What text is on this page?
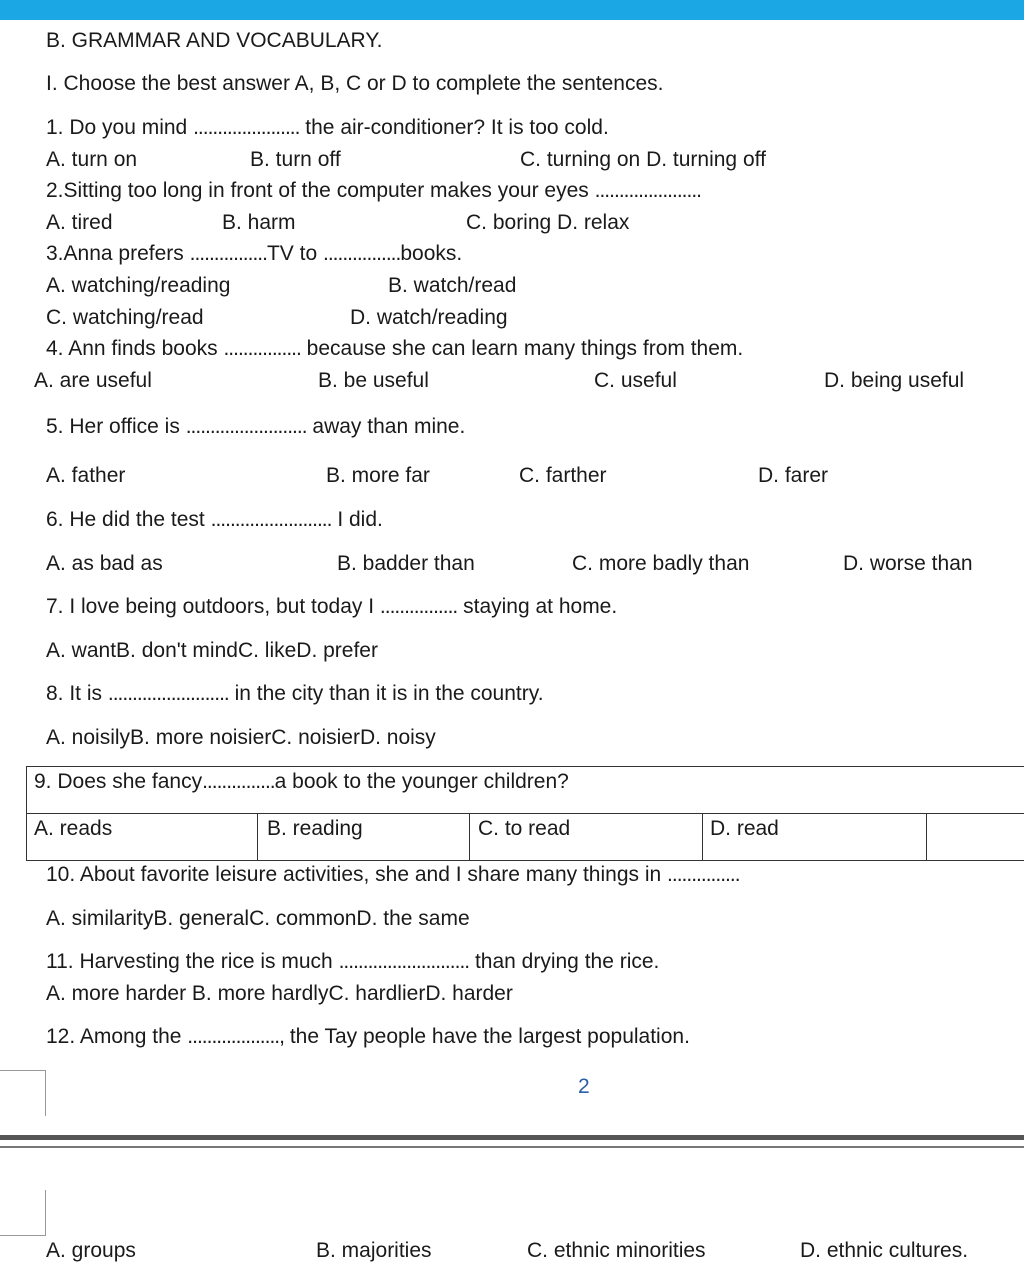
B. GRAMMAR AND VOCABULARY.
I. Choose the best answer A, B, C or D to complete the sentences.
1. Do you mind ...................... the air-conditioner? It is too cold.
A. turn on	B. turn off	C. turning on D. turning off
2.Sitting too long in front of the computer makes your eyes ......................
A. tired	B. harm	C. boring D. relax
3.Anna prefers ................TV to ................books.
A. watching/reading	B. watch/read
C. watching/read	D. watch/reading
4. Ann finds books ................ because she can learn many things from them.
A. are useful	B. be useful	C. useful	D. being useful
5. Her office is ......................... away than mine.
A. father	B. more far	C. farther	D. farer
6. He did the test ......................... I did.
A. as bad as	B. badder than	C. more badly than	D. worse than
7. I love being outdoors, but today I ................ staying at home.
A. wantB. don't mindC. likeD. prefer
8. It is ......................... in the city than it is in the country.
A. noisilyB. more noisierC. noisierD. noisy
9. Does she fancy...............a book to the younger children?
A. reads	B. reading	C. to read	D. read
10. About favorite leisure activities, she and I share many things in ...............
A. similarityB. generalC. commonD. the same
11. Harvesting the rice is much ........................... than drying the rice.
A. more harder B. more hardlyC. hardlierD. harder
12. Among the ..................., the Tay people have the largest population.
2
A. groups	B. majorities	C. ethnic minorities	D. ethnic cultures.
